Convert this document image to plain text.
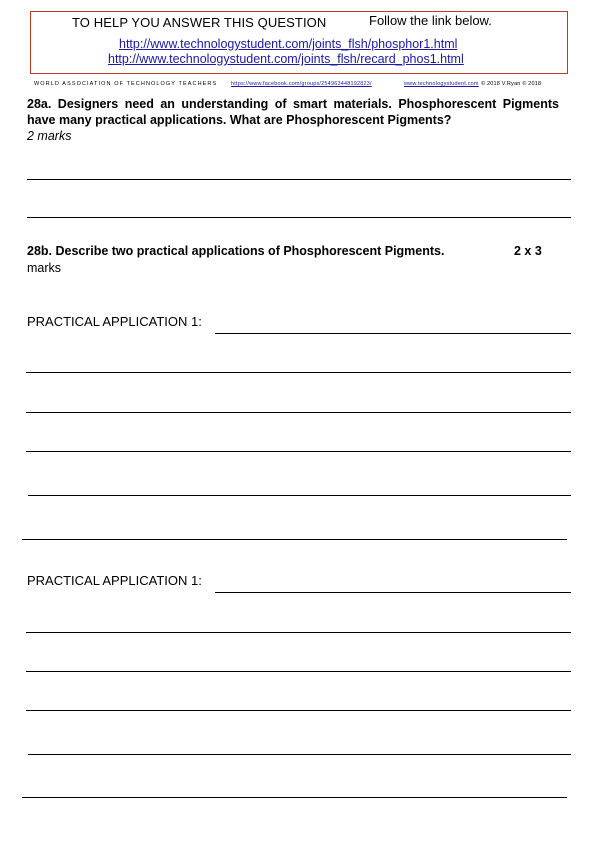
TO HELP YOU ANSWER THIS QUESTION	Follow the link below.
http://www.technologystudent.com/joints_flsh/phosphor1.html
http://www.technologystudent.com/joints_flsh/recard_phos1.html
WORLD ASSOCIATION OF TECHNOLOGY TEACHERS https://www.facebook.com/groups/254963448192823/	www.technologystudent.com © 2018 V.Ryan © 2018
28a. Designers need an understanding of smart materials. Phosphorescent Pigments have many practical applications. What are Phosphorescent Pigments?
2 marks
28b. Describe two practical applications of Phosphorescent Pigments.	2 x 3
marks
PRACTICAL APPLICATION 1:
PRACTICAL APPLICATION 1:
